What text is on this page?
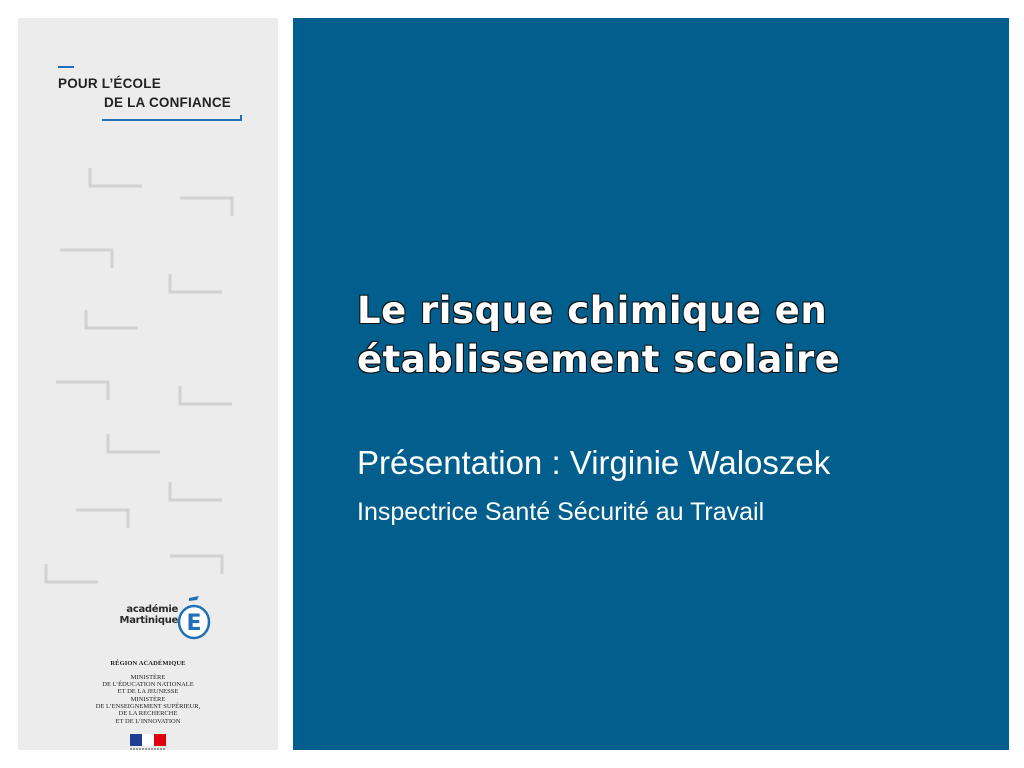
POUR L’ÉCOLE
DE LA CONFIANCE
académie
Martinique E
RÉGION ACADÉMIQUE
MINISTÈRE
DE L’ÉDUCATION NATIONALE
ET DE LA JEUNESSE
MINISTÈRE
DE L’ENSEIGNEMENT SUPÉRIEUR,
DE LA RECHERCHE
ET DE L’INNOVATION
Le risque chimique en
établissement scolaire
Présentation : Virginie Waloszek
Inspectrice Santé Sécurité au Travail
